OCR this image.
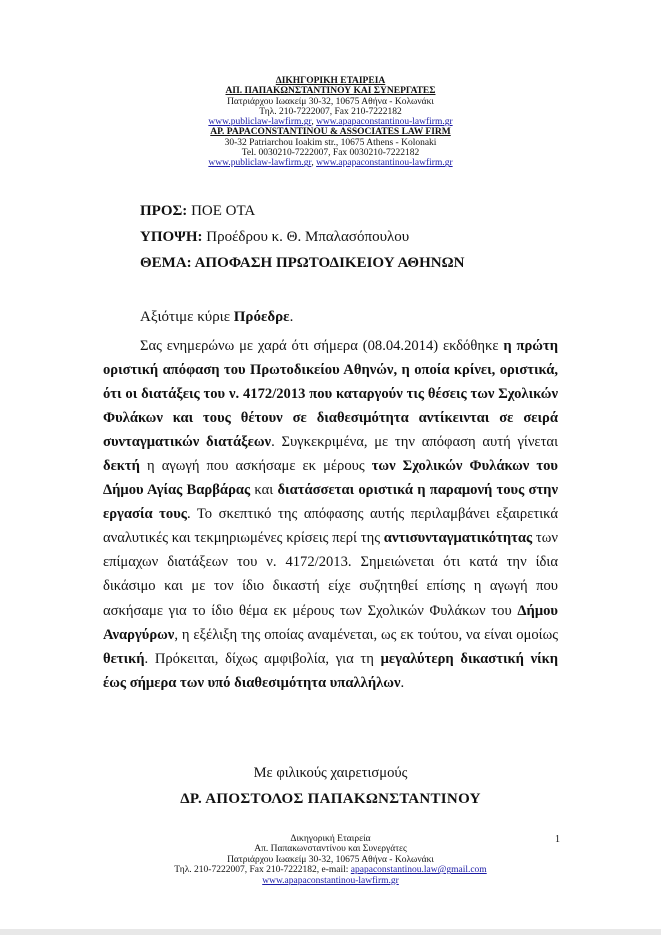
ΔΙΚΗΓΟΡΙΚΗ ΕΤΑΙΡΕΙΑ
ΑΠ. ΠΑΠΑΚΩΝΣΤΑΝΤΙΝΟΥ ΚΑΙ ΣΥΝΕΡΓΑΤΕΣ
Πατριάρχου Ιωακείμ 30-32, 10675 Αθήνα - Κολωνάκι
Τηλ. 210-7222007, Fax 210-7222182
www.publiclaw-lawfirm.gr, www.apapaconstantinou-lawfirm.gr
AP. PAPACONSTANTINOU & ASSOCIATES LAW FIRM
30-32 Patriarchou Ioakim str., 10675 Athens - Kolonaki
Tel. 0030210-7222007, Fax 0030210-7222182
www.publiclaw-lawfirm.gr, www.apapaconstantinou-lawfirm.gr
ΠΡΟΣ: ΠΟΕ ΟΤΑ
ΥΠΟΨΗ: Προέδρου κ. Θ. Μπαλασόπουλου
ΘΕΜΑ: ΑΠΟΦΑΣΗ ΠΡΩΤΟΔΙΚΕΙΟΥ ΑΘΗΝΩΝ
Αξιότιμε κύριε Πρόεδρε.
Σας ενημερώνω με χαρά ότι σήμερα (08.04.2014) εκδόθηκε η πρώτη οριστική απόφαση του Πρωτοδικείου Αθηνών, η οποία κρίνει, οριστικά, ότι οι διατάξεις του ν. 4172/2013 που καταργούν τις θέσεις των Σχολικών Φυλάκων και τους θέτουν σε διαθεσιμότητα αντίκεινται σε σειρά συνταγματικών διατάξεων. Συγκεκριμένα, με την απόφαση αυτή γίνεται δεκτή η αγωγή που ασκήσαμε εκ μέρους των Σχολικών Φυλάκων του Δήμου Αγίας Βαρβάρας και διατάσσεται οριστικά η παραμονή τους στην εργασία τους. Το σκεπτικό της απόφασης αυτής περιλαμβάνει εξαιρετικά αναλυτικές και τεκμηριωμένες κρίσεις περί της αντισυνταγματικότητας των επίμαχων διατάξεων του ν. 4172/2013. Σημειώνεται ότι κατά την ίδια δικάσιμο και με τον ίδιο δικαστή είχε συζητηθεί επίσης η αγωγή που ασκήσαμε για το ίδιο θέμα εκ μέρους των Σχολικών Φυλάκων του Δήμου Αναργύρων, η εξέλιξη της οποίας αναμένεται, ως εκ τούτου, να είναι ομοίως θετική. Πρόκειται, δίχως αμφιβολία, για τη μεγαλύτερη δικαστική νίκη έως σήμερα των υπό διαθεσιμότητα υπαλλήλων.
Με φιλικούς χαιρετισμούς
ΔΡ. ΑΠΟΣΤΟΛΟΣ ΠΑΠΑΚΩΝΣΤΑΝΤΙΝΟΥ
Δικηγορική Εταιρεία
Απ. Παπακωνσταντίνου και Συνεργάτες
Πατριάρχου Ιωακείμ 30-32, 10675 Αθήνα - Κολωνάκι
Τηλ. 210-7222007, Fax 210-7222182, e-mail: apapaconstantinou.law@gmail.com
www.apapaconstantinou-lawfirm.gr
1
